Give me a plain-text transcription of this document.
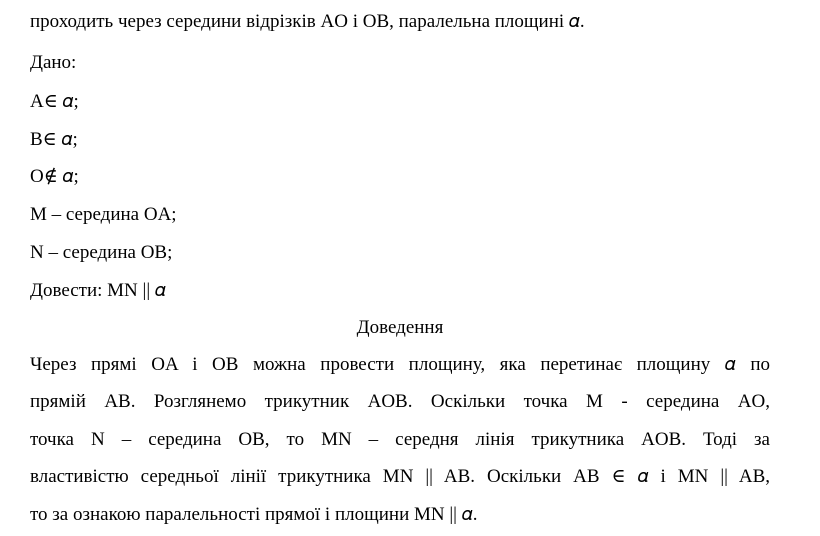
проходить через середини відрізків AO і OB, паралельна площині 𝛼.
Дано:
A∈ 𝛼;
B∈ 𝛼;
O∉ 𝛼;
M – середина OA;
N – середина OB;
Довести: MN || 𝛼
Доведення
Через прямі OA і OB можна провести площину, яка перетинає площину 𝛼 по
прямій AB. Розглянемо трикутник AOB. Оскільки точка M - середина AO,
точка N – середина OB, то MN – середня лінія трикутника AOB. Тоді за
властивістю середньої лінії трикутника MN || AB. Оскільки AB ∈ 𝛼 і MN || AB,
то за ознакою паралельності прямої і площини MN || 𝛼.
